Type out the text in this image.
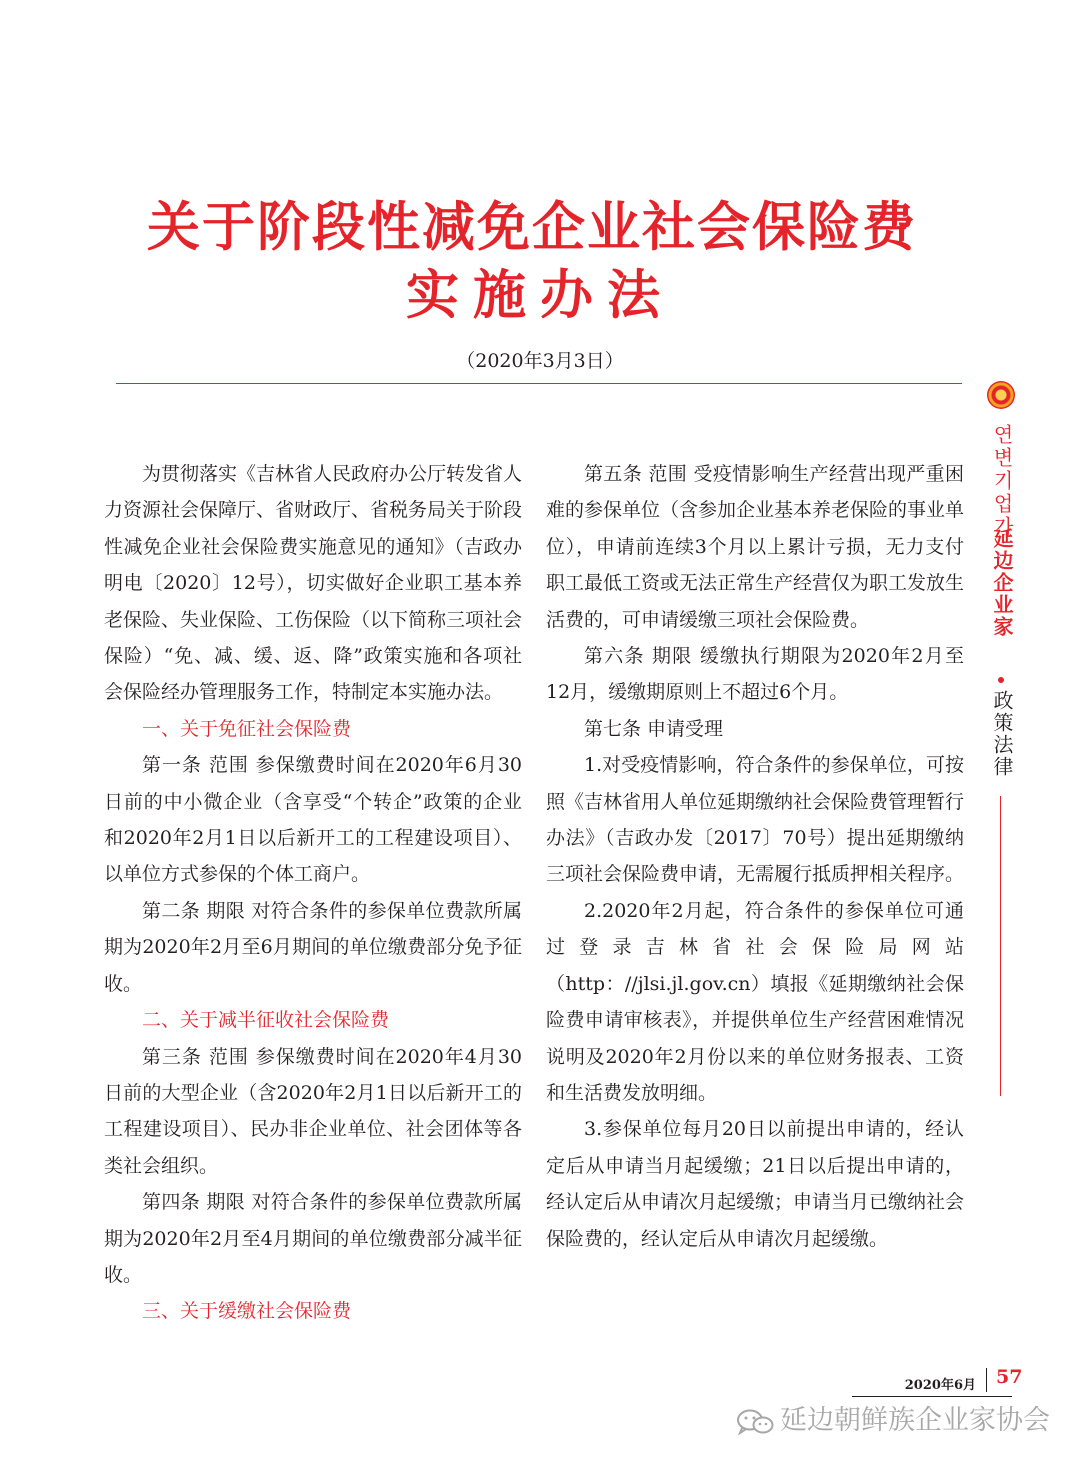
关于阶段性减免企业社会保险费
实施办法
（2020年3月3日）

为贯彻落实《吉林省人民政府办公厅转发省人力资源社会保障厅、省财政厅、省税务局关于阶段性减免企业社会保险费实施意见的通知》（吉政办明电〔2020〕12号），切实做好企业职工基本养老保险、失业保险、工伤保险（以下简称三项社会保险）“免、减、缓、返、降”政策实施和各项社会保险经办管理服务工作，特制定本实施办法。

一、关于免征社会保险费

第一条 范围 参保缴费时间在2020年6月30日前的中小微企业（含享受“个转企”政策的企业和2020年2月1日以后新开工的工程建设项目）、以单位方式参保的个体工商户。

第二条 期限 对符合条件的参保单位费款所属期为2020年2月至6月期间的单位缴费部分免予征收。

二、关于减半征收社会保险费

第三条 范围 参保缴费时间在2020年4月30日前的大型企业（含2020年2月1日以后新开工的工程建设项目）、民办非企业单位、社会团体等各类社会组织。

第四条 期限 对符合条件的参保单位费款所属期为2020年2月至4月期间的单位缴费部分减半征收。

三、关于缓缴社会保险费

第五条 范围 受疫情影响生产经营出现严重困难的参保单位（含参加企业基本养老保险的事业单位），申请前连续3个月以上累计亏损，无力支付职工最低工资或无法正常生产经营仅为职工发放生活费的，可申请缓缴三项社会保险费。

第六条 期限 缓缴执行期限为2020年2月至12月，缓缴期原则上不超过6个月。

第七条 申请受理

1.对受疫情影响，符合条件的参保单位，可按照《吉林省用人单位延期缴纳社会保险费管理暂行办法》（吉政办发〔2017〕70号）提出延期缴纳三项社会保险费申请，无需履行抵质押相关程序。

2.2020年2月起，符合条件的参保单位可通过登录吉林省社会保险局网站（http：//jlsi.jl.gov.cn）填报《延期缴纳社会保险费申请审核表》，并提供单位生产经营困难情况说明及2020年2月份以来的单位财务报表、工资和生活费发放明细。

3.参保单位每月20日以前提出申请的，经认定后从申请当月起缓缴；21日以后提出申请的，经认定后从申请次月起缓缴；申请当月已缴纳社会保险费的，经认定后从申请次月起缓缴。

연변기업가
延边企业家
政策法律
2020年6月 57
延边朝鲜族企业家协会
